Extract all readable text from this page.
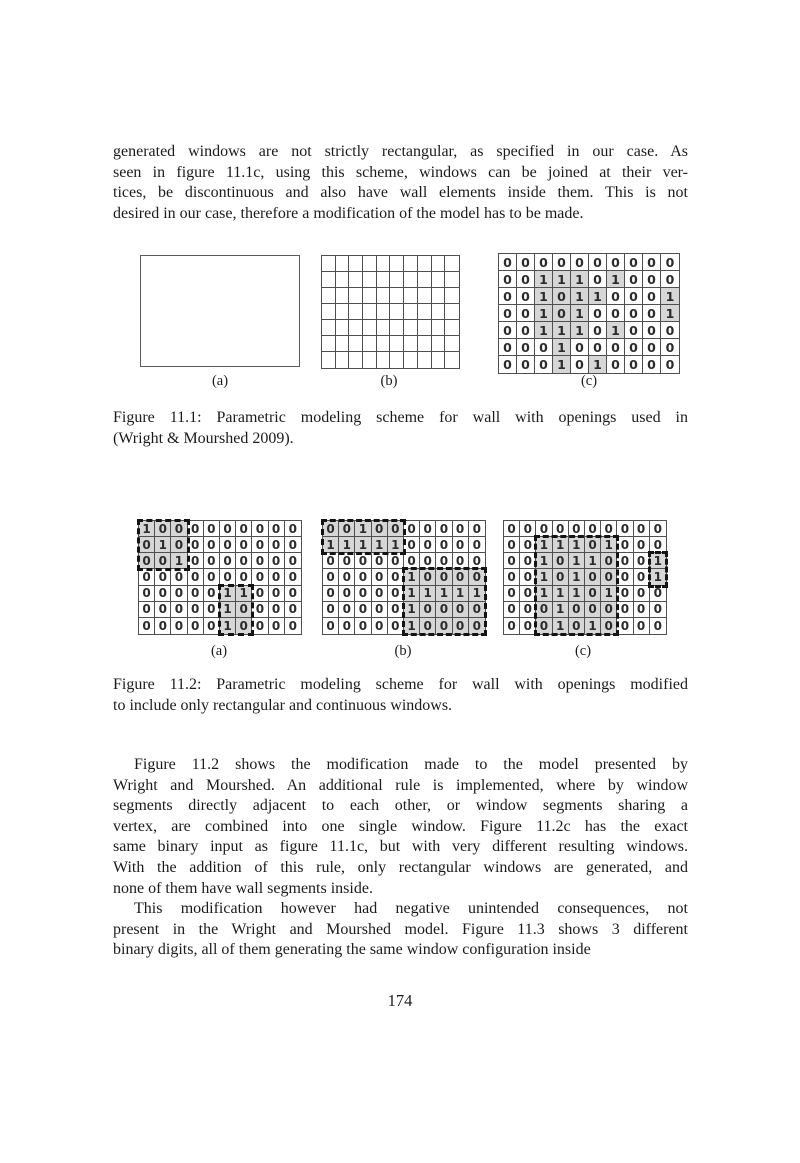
generated windows are not strictly rectangular, as specified in our case. As
seen in figure 11.1c, using this scheme, windows can be joined at their ver-
tices, be discontinuous and also have wall elements inside them. This is not
desired in our case, therefore a modification of the model has to be made.
0 0 0 0 0 0 0 0 0 0
0 0 1 1 1 0 1 0 0 0
0 0 1 0 1 1 0 0 0 1
0 0 1 0 1 0 0 0 0 1
0 0 1 1 1 0 1 0 0 0
0 0 0 1 0 0 0 0 0 0
0 0 0 1 0 1 0 0 0 0
(a)	(b)	(c)
Figure 11.1: Parametric modeling scheme for wall with openings used in
(Wright & Mourshed 2009).
1 0 0 0 0 0 0 0 0 0
0 1 0 0 0 0 0 0 0 0
0 0 1 0 0 0 0 0 0 0
0 0 0 0 0 0 0 0 0 0
0 0 0 0 0 1 1 0 0 0
0 0 0 0 0 1 0 0 0 0
0 0 0 0 0 1 0 0 0 0
0 0 1 0 0 0 0 0 0 0
1 1 1 1 1 0 0 0 0 0
0 0 0 0 0 0 0 0 0 0
0 0 0 0 0 1 0 0 0 0
0 0 0 0 0 1 1 1 1 1
0 0 0 0 0 1 0 0 0 0
0 0 0 0 0 1 0 0 0 0
0 0 0 0 0 0 0 0 0 0
0 0 1 1 1 0 1 0 0 0
0 0 1 0 1 1 0 0 0 1
0 0 1 0 1 0 0 0 0 1
0 0 1 1 1 0 1 0 0 0
0 0 0 1 0 0 0 0 0 0
0 0 0 1 0 1 0 0 0 0
(a)	(b)	(c)
Figure 11.2: Parametric modeling scheme for wall with openings modified
to include only rectangular and continuous windows.
Figure 11.2 shows the modification made to the model presented by
Wright and Mourshed. An additional rule is implemented, where by window
segments directly adjacent to each other, or window segments sharing a
vertex, are combined into one single window. Figure 11.2c has the exact
same binary input as figure 11.1c, but with very different resulting windows.
With the addition of this rule, only rectangular windows are generated, and
none of them have wall segments inside.
This modification however had negative unintended consequences, not
present in the Wright and Mourshed model. Figure 11.3 shows 3 different
binary digits, all of them generating the same window configuration inside
174
